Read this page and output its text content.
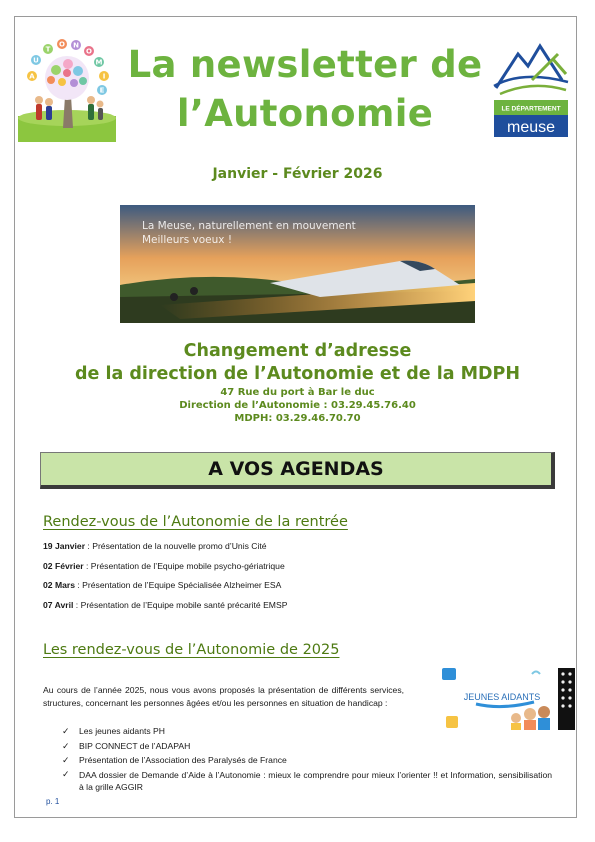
A
U
T
O N
O
M
I
E
La newsletter de
l’Autonomie	LE DÉPARTEMENT
meuse
Janvier - Février 2026
La Meuse, naturellement en mouvement
Meilleurs voeux !
Changement d’adresse
de la direction de l’Autonomie et de la MDPH
47 Rue du port à Bar le duc
Direction de l’Autonomie : 03.29.45.76.40
MDPH: 03.29.46.70.70
A VOS AGENDAS
Rendez-vous de l’Autonomie de la rentrée
19 Janvier : Présentation de la nouvelle promo d’Unis Cité
02 Février : Présentation de l’Equipe mobile psycho-gériatrique
02 Mars : Présentation de l’Equipe Spécialisée Alzheimer ESA
07 Avril : Présentation de l’Equipe mobile santé précarité EMSP
Les rendez-vous de l’Autonomie de 2025
Au cours de l’année 2025, nous vous avons proposés la présentation de différents services, structures, concernant les personnes âgées et/ou les personnes en situation de handicap :
✓ Les jeunes aidants PH
✓ BIP CONNECT de l’ADAPAH
✓ Présentation de l’Association des Paralysés de France
✓ DAA dossier de Demande d’Aide à l’Autonomie : mieux le comprendre pour mieux l’orienter !! et Information, sensibilisation à la grille AGGIR
JEUNES AIDANTS
p. 1
